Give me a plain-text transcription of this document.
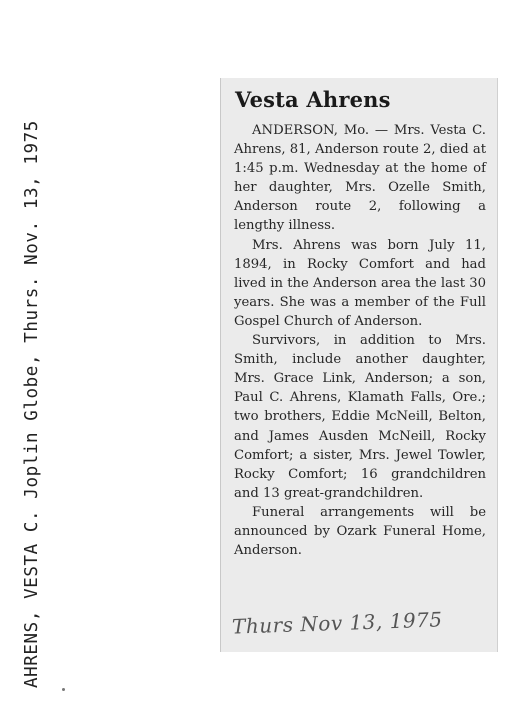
AHRENS, VESTA C. Joplin Globe, Thurs. Nov. 13, 1975
Vesta Ahrens

ANDERSON, Mo. — Mrs. Vesta C. Ahrens, 81, Anderson route 2, died at 1:45 p.m. Wednesday at the home of her daughter, Mrs. Ozelle Smith, Anderson route 2, following a lengthy illness.

Mrs. Ahrens was born July 11, 1894, in Rocky Comfort and had lived in the Anderson area the last 30 years. She was a member of the Full Gospel Church of Anderson.

Survivors, in addition to Mrs. Smith, include another daughter, Mrs. Grace Link, Anderson; a son, Paul C. Ahrens, Klamath Falls, Ore.; two brothers, Eddie McNeill, Belton, and James Ausden McNeill, Rocky Comfort; a sister, Mrs. Jewel Towler, Rocky Comfort; 16 grandchildren and 13 great-grandchildren.

Funeral arrangements will be announced by Ozark Funeral Home, Anderson.

Thurs Nov 13, 1975
